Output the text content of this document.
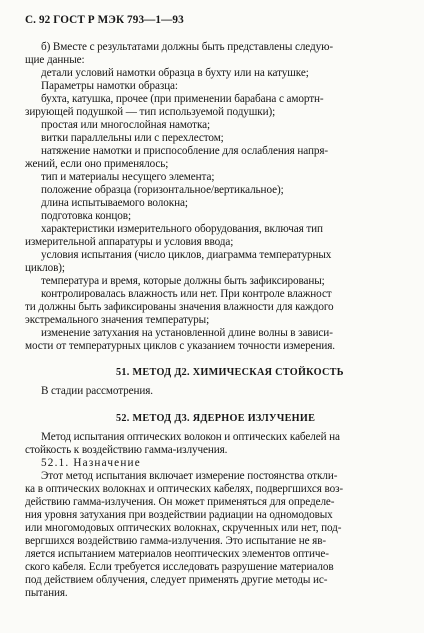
С. 92 ГОСТ Р МЭК 793—1—93
б) Вместе с результатами должны быть представлены следую-
щие данные:
детали условий намотки образца в бухту или на катушке;
Параметры намотки образца:
бухта, катушка, прочее (при применении барабана с амортн-
зирующей подушкой — тип используемой подушки);
простая или многослойная намотка;
витки параллельны или с перехлестом;
натяжение намотки и приспособление для ослабления напря-
жений, если оно применялось;
тип и материалы несущего элемента;
положение образца (горизонтальное/вертикальное);
длина испытываемого волокна;
подготовка концов;
характеристики измерительного оборудования, включая тип
измерительной аппаратуры и условия ввода;
условия испытания (число циклов, диаграмма температурных
циклов);
температура и время, которые должны быть зафиксированы;
контролировалась влажность или нет. При контроле влажност
ти должны быть зафиксированы значения влажности для каждого
экстремального значения температуры;
изменение затухания на установленной длине волны в зависи-
мости от температурных циклов с указанием точности измерения.
51. МЕТОД Д2. ХИМИЧЕСКАЯ СТОЙКОСТЬ
В стадии рассмотрения.
52. МЕТОД Д3. ЯДЕРНОЕ ИЗЛУЧЕНИЕ
Метод испытания оптических волокон и оптических кабелей на
стойкость к воздействию гамма-излучения.
52.1. Назначение
Этот метод испытания включает измерение постоянства откли-
ка в оптических волокнах и оптических кабелях, подвергшихся воз-
действию гамма-излучения. Он может применяться для определе-
ния уровня затухания при воздействии радиации на одномодовых
или многомодовых оптических волокнах, скрученных или нет, под-
вергшихся воздействию гамма-излучения. Это испытание не яв-
ляется испытанием материалов неоптических элементов оптиче-
ского кабеля. Если требуется исследовать разрушение материалов
под действием облучения, следует применять другие методы ис-
пытания.
